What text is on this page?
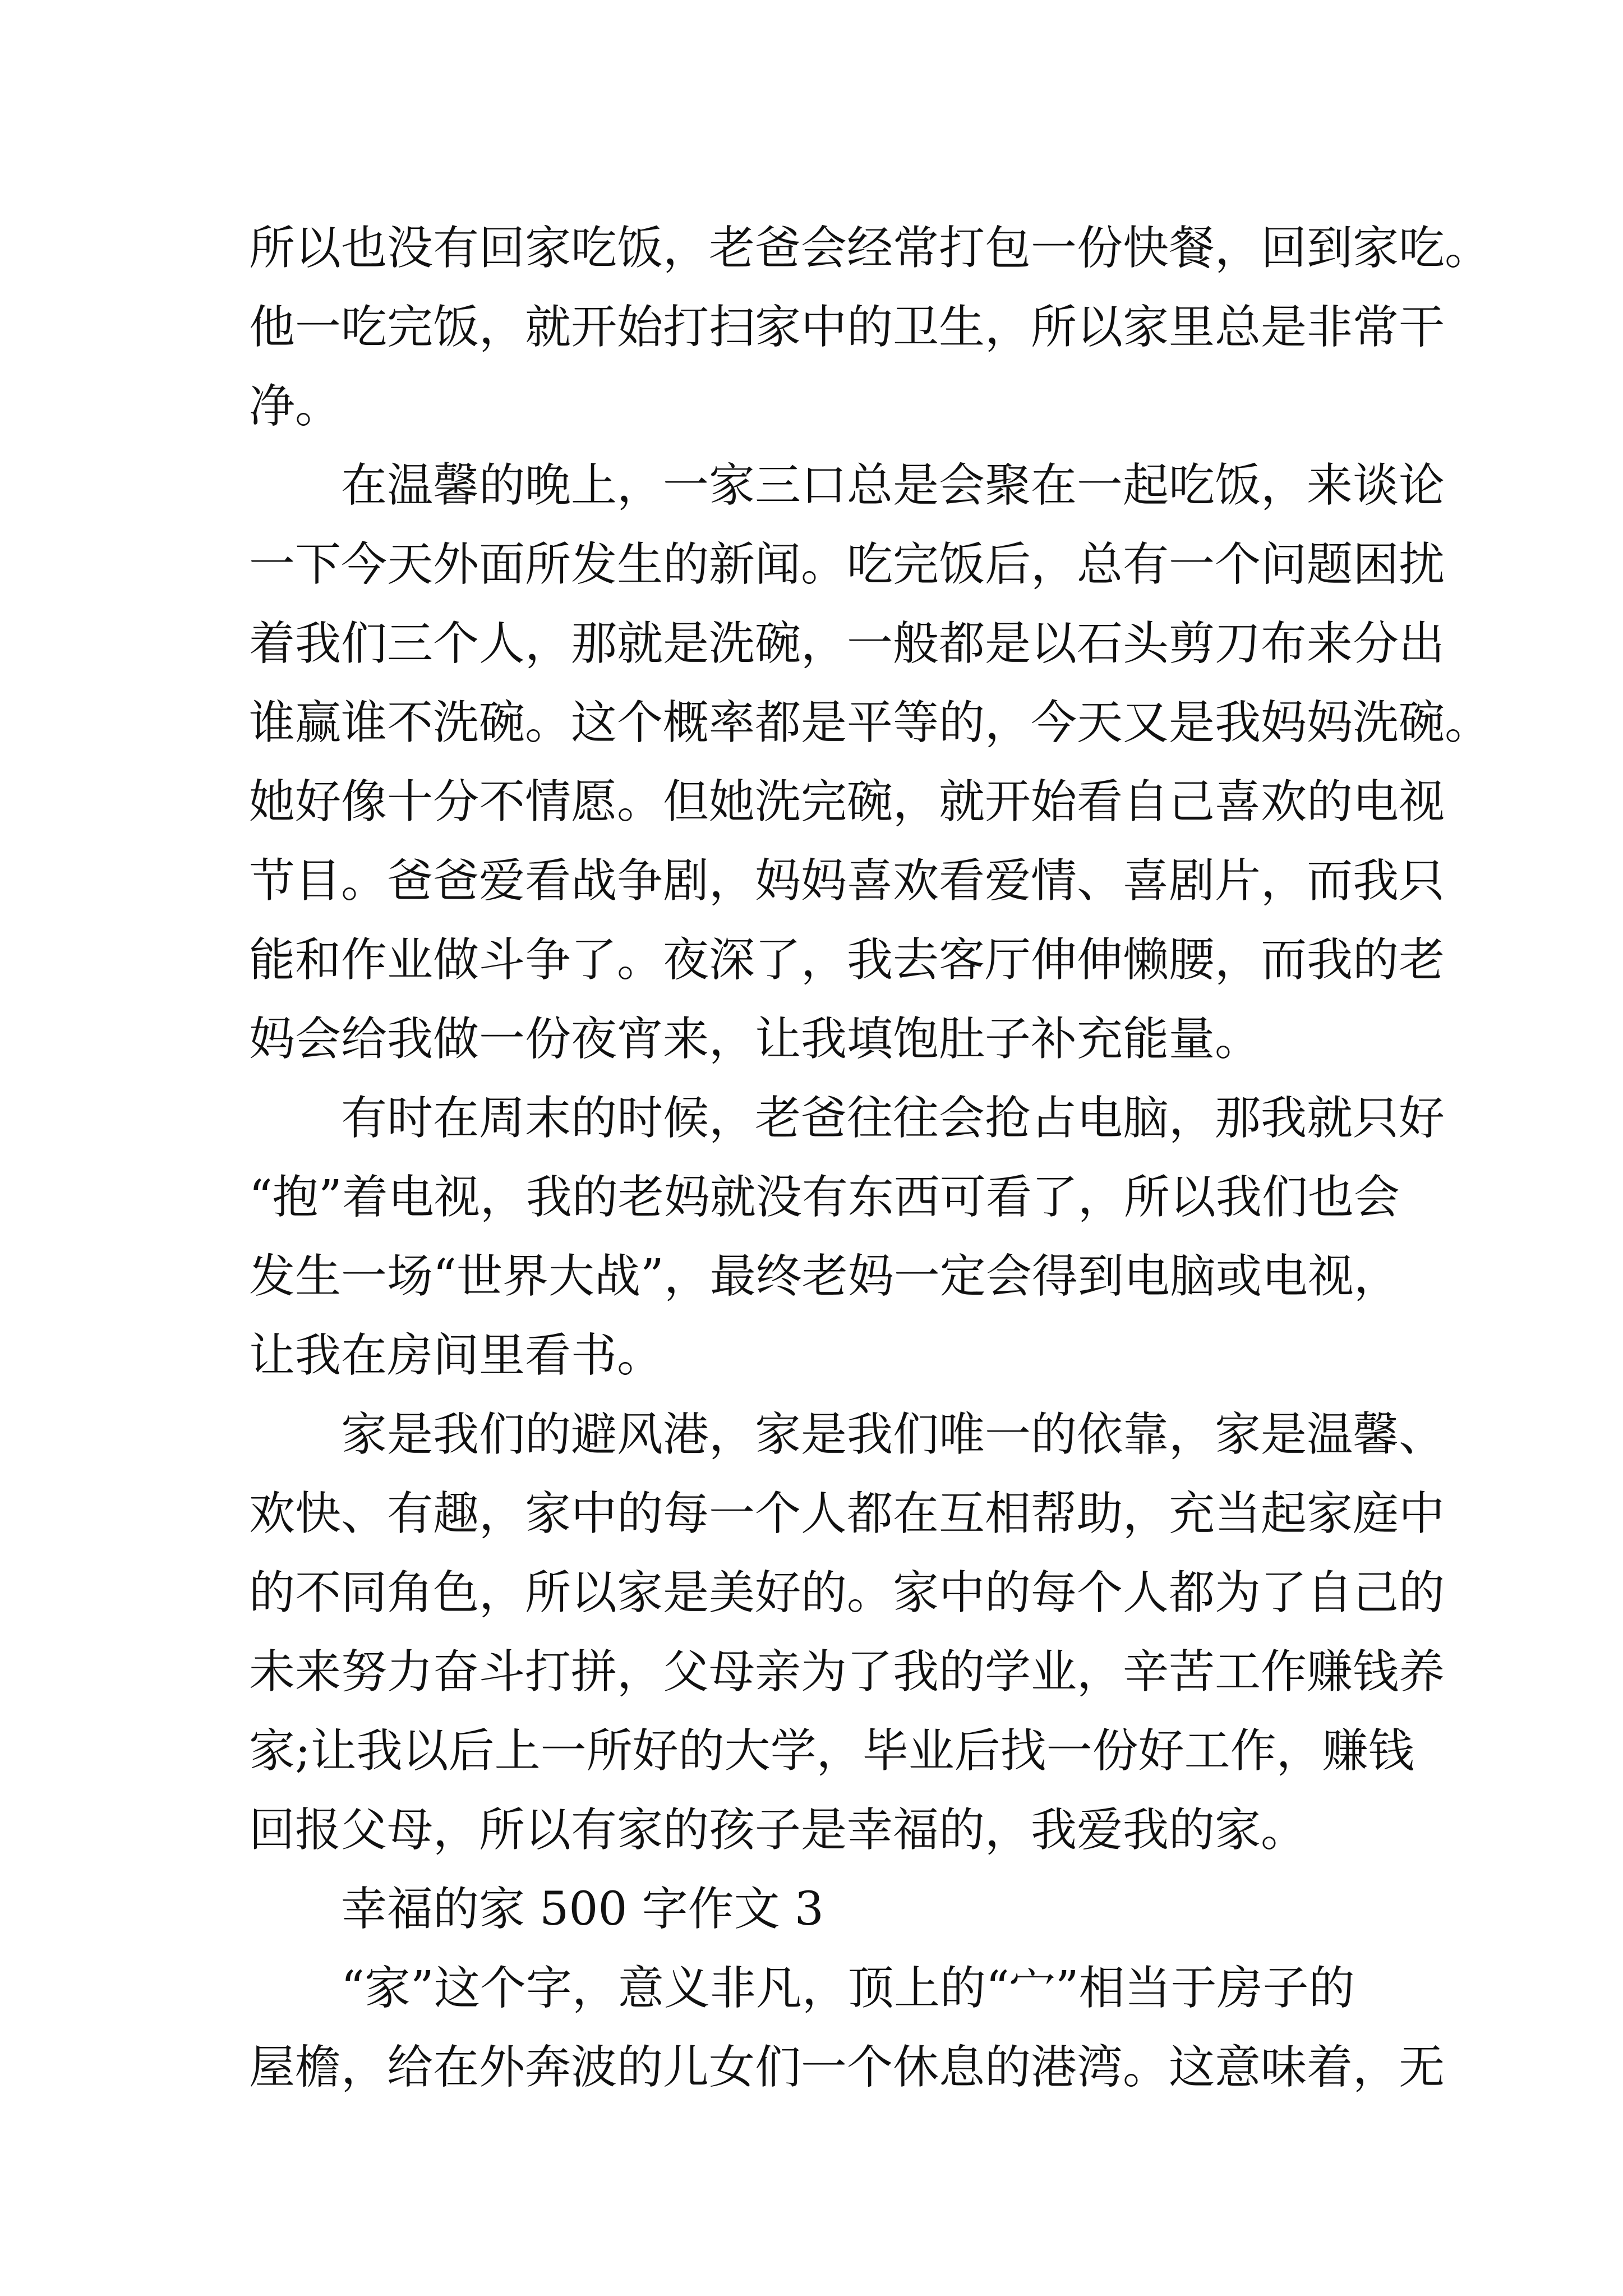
所以也没有回家吃饭，老爸会经常打包一份快餐，回到家吃。
他一吃完饭，就开始打扫家中的卫生，所以家里总是非常干
净。
在温馨的晚上，一家三口总是会聚在一起吃饭，来谈论
一下今天外面所发生的新闻。吃完饭后，总有一个问题困扰
着我们三个人，那就是洗碗，一般都是以石头剪刀布来分出
谁赢谁不洗碗。这个概率都是平等的，今天又是我妈妈洗碗。
她好像十分不情愿。但她洗完碗，就开始看自己喜欢的电视
节目。爸爸爱看战争剧，妈妈喜欢看爱情、喜剧片，而我只
能和作业做斗争了。夜深了，我去客厅伸伸懒腰，而我的老
妈会给我做一份夜宵来，让我填饱肚子补充能量。
有时在周末的时候，老爸往往会抢占电脑，那我就只好
“抱”着电视，我的老妈就没有东西可看了，所以我们也会
发生一场“世界大战”，最终老妈一定会得到电脑或电视，
让我在房间里看书。
家是我们的避风港，家是我们唯一的依靠，家是温馨、
欢快、有趣，家中的每一个人都在互相帮助，充当起家庭中
的不同角色，所以家是美好的。家中的每个人都为了自己的
未来努力奋斗打拼，父母亲为了我的学业，辛苦工作赚钱养
家;让我以后上一所好的大学，毕业后找一份好工作，赚钱
回报父母，所以有家的孩子是幸福的，我爱我的家。
幸福的家 500 字作文 3
“家”这个字，意义非凡，顶上的“宀”相当于房子的
屋檐，给在外奔波的儿女们一个休息的港湾。这意味着，无
